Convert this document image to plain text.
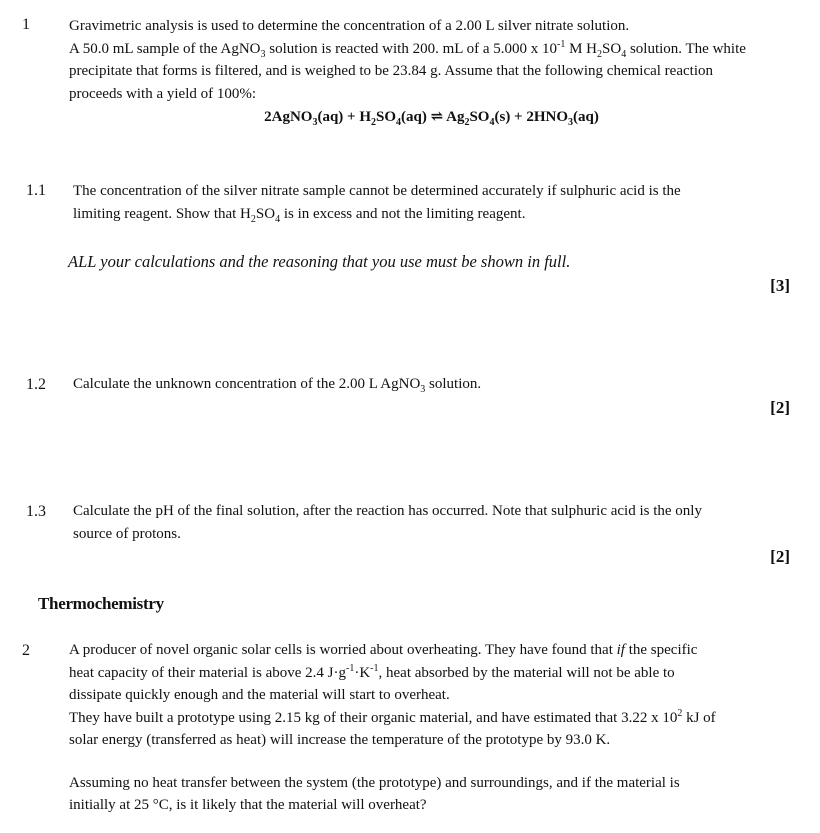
1	Gravimetric analysis is used to determine the concentration of a 2.00 L silver nitrate solution.
A 50.0 mL sample of the AgNO$_3$ solution is reacted with 200. mL of a 5.000 x $10^{-1}$ M $H_2SO_4$ solution. The white
precipitate that forms is filtered, and is weighed to be 23.84 g. Assume that the following chemical reaction
proceeds with a yield of 100%:
2AgNO$_3$(aq) + $H_2SO_4(aq)$ ⇌ $Ag_2SO_4(s) + 2HNO_3(aq)$
1.1 The concentration of the silver nitrate sample cannot be determined accurately if sulphuric acid is the
limiting reagent. Show that $H_2SO_4$ is in excess and not the limiting reagent.
ALL your calculations and the reasoning that you use must be shown in full.
[3]
1.2 Calculate the unknown concentration of the 2.00 L AgNO$_3$ solution.
[2]
1.3 Calculate the pH of the final solution, after the reaction has occurred. Note that sulphuric acid is the only
source of protons.
[2]
Thermochemistry
2	A producer of novel organic solar cells is worried about overheating. They have found that if the specific
heat capacity of their material is above 2.4 $J\cdot g^{-1}\cdot K^{-1}$, heat absorbed by the material will not be able to
dissipate quickly enough and the material will start to overheat.
They have built a prototype using 2.15 kg of their organic material, and have estimated that 3.22 x $10^2$ kJ of
solar energy (transferred as heat) will increase the temperature of the prototype by 93.0 K.
Assuming no heat transfer between the system (the prototype) and surroundings, and if the material is
initially at 25 °C, is it likely that the material will overheat?
